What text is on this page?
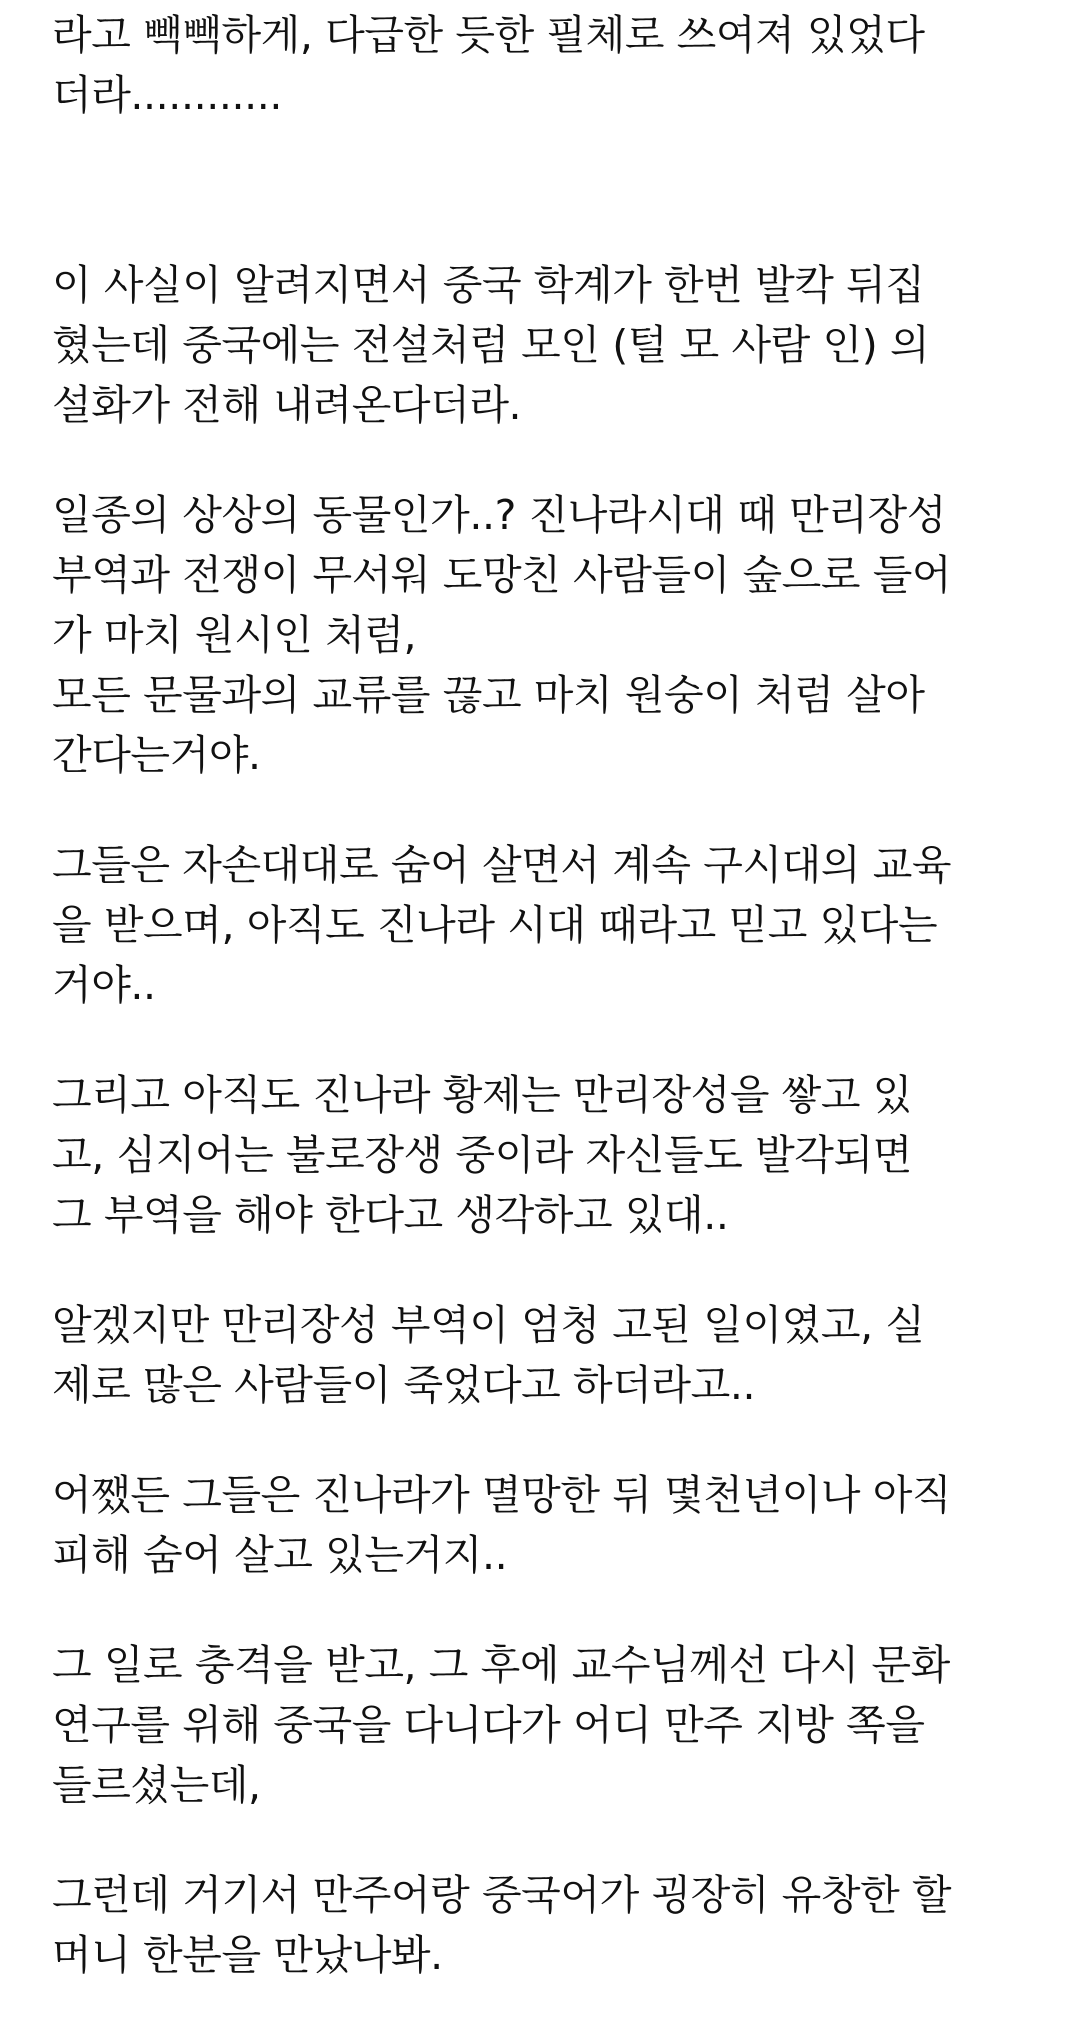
라고 빽빽하게, 다급한 듯한 필체로 쓰여져 있었다
더라............
이 사실이 알려지면서 중국 학계가 한번 발칵 뒤집
혔는데 중국에는 전설처럼 모인 (털 모 사람 인) 의
설화가 전해 내려온다더라.
일종의 상상의 동물인가..? 진나라시대 때 만리장성
부역과 전쟁이 무서워 도망친 사람들이 숲으로 들어
가 마치 원시인 처럼,
모든 문물과의 교류를 끊고 마치 원숭이 처럼 살아
간다는거야.
그들은 자손대대로 숨어 살면서 계속 구시대의 교육
을 받으며, 아직도 진나라 시대 때라고 믿고 있다는
거야..
그리고 아직도 진나라 황제는 만리장성을 쌓고 있
고, 심지어는 불로장생 중이라 자신들도 발각되면
그 부역을 해야 한다고 생각하고 있대..
알겠지만 만리장성 부역이 엄청 고된 일이였고, 실
제로 많은 사람들이 죽었다고 하더라고..
어쨌든 그들은 진나라가 멸망한 뒤 몇천년이나 아직
피해 숨어 살고 있는거지..
그 일로 충격을 받고, 그 후에 교수님께선 다시 문화
연구를 위해 중국을 다니다가 어디 만주 지방 쪽을
들르셨는데,
그런데 거기서 만주어랑 중국어가 굉장히 유창한 할
머니 한분을 만났나봐.
